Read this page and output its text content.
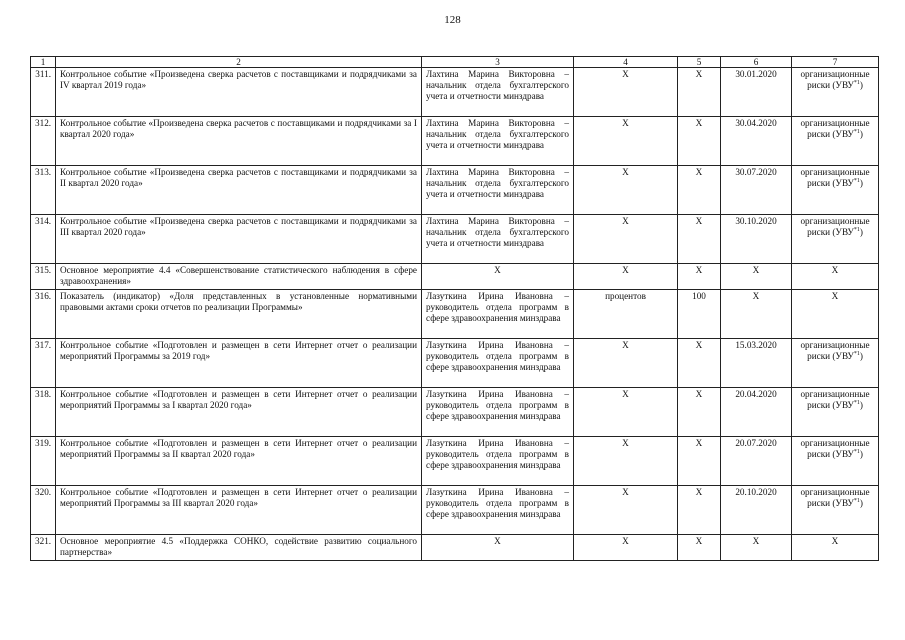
128
1	2	3	4	5	6	7
311.	Контрольное событие «Произведена сверка расчетов с поставщиками и подрядчиками за IV квартал 2019 года»	Лахтина Марина Викторовна – начальник отдела бухгалтерского учета и отчетности минздрава	X	X	30.01.2020	организационные риски (УВУ$^{*1}$)
312.	Контрольное событие «Произведена сверка расчетов с поставщиками и подрядчиками за I квартал 2020 года»	Лахтина Марина Викторовна – начальник отдела бухгалтерского учета и отчетности минздрава	X	X	30.04.2020	организационные риски (УВУ$^{*1}$)
313.	Контрольное событие «Произведена сверка расчетов с поставщиками и подрядчиками за II квартал 2020 года»	Лахтина Марина Викторовна – начальник отдела бухгалтерского учета и отчетности минздрава	X	X	30.07.2020	организационные риски (УВУ$^{*1}$)
314.	Контрольное событие «Произведена сверка расчетов с поставщиками и подрядчиками за III квартал 2020 года»	Лахтина Марина Викторовна – начальник отдела бухгалтерского учета и отчетности минздрава	X	X	30.10.2020	организационные риски (УВУ$^{*1}$)
315.	Основное мероприятие 4.4 «Совершенствование статистического наблюдения в сфере здравоохранения»	X	X	X	X	X
316.	Показатель (индикатор) «Доля представленных в установленные нормативными правовыми актами сроки отчетов по реализации Программы»	Лазуткина Ирина Ивановна – руководитель отдела программ в сфере здравоохранения минздрава	процентов	100	X	X
317.	Контрольное событие «Подготовлен и размещен в сети Интернет отчет о реализации мероприятий Программы за 2019 год»	Лазуткина Ирина Ивановна – руководитель отдела программ в сфере здравоохранения минздрава	X	X	15.03.2020	организационные риски (УВУ$^{*1}$)
318.	Контрольное событие «Подготовлен и размещен в сети Интернет отчет о реализации мероприятий Программы за I квартал 2020 года»	Лазуткина Ирина Ивановна – руководитель отдела программ в сфере здравоохранения минздрава	X	X	20.04.2020	организационные риски (УВУ$^{*1}$)
319.	Контрольное событие «Подготовлен и размещен в сети Интернет отчет о реализации мероприятий Программы за II квартал 2020 года»	Лазуткина Ирина Ивановна – руководитель отдела программ в сфере здравоохранения минздрава	X	X	20.07.2020	организационные риски (УВУ$^{*1}$)
320.	Контрольное событие «Подготовлен и размещен в сети Интернет отчет о реализации мероприятий Программы за III квартал 2020 года»	Лазуткина Ирина Ивановна – руководитель отдела программ в сфере здравоохранения минздрава	X	X	20.10.2020	организационные риски (УВУ$^{*1}$)
321.	Основное мероприятие 4.5 «Поддержка СОНКО, содействие развитию социального партнерства»	X	X	X	X	X
